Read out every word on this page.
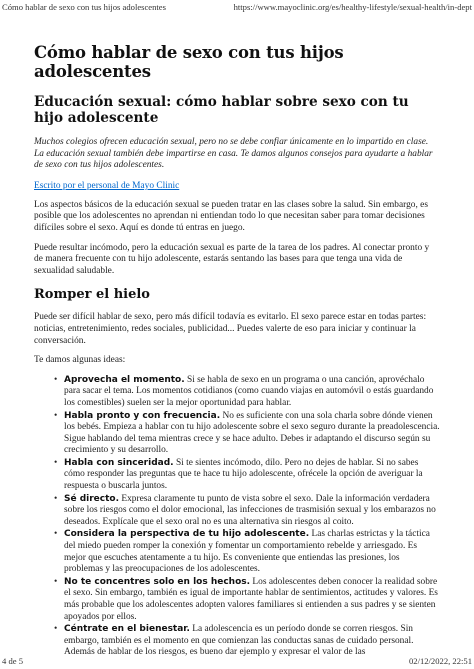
Cómo hablar de sexo con tus hijos adolescentes	https://www.mayoclinic.org/es/healthy-lifestyle/sexual-health/in-dept
Cómo hablar de sexo con tus hijos adolescentes
Educación sexual: cómo hablar sobre sexo con tu hijo adolescente

Muchos colegios ofrecen educación sexual, pero no se debe confiar únicamente en lo impartido en clase. La educación sexual también debe impartirse en casa. Te damos algunos consejos para ayudarte a hablar de sexo con tus hijos adolescentes.

Escrito por el personal de Mayo Clinic

Los aspectos básicos de la educación sexual se pueden tratar en las clases sobre la salud. Sin embargo, es posible que los adolescentes no aprendan ni entiendan todo lo que necesitan saber para tomar decisiones difíciles sobre el sexo. Aquí es donde tú entras en juego.

Puede resultar incómodo, pero la educación sexual es parte de la tarea de los padres. Al conectar pronto y de manera frecuente con tu hijo adolescente, estarás sentando las bases para que tenga una vida de sexualidad saludable.

Romper el hielo

Puede ser difícil hablar de sexo, pero más difícil todavía es evitarlo. El sexo parece estar en todas partes: noticias, entretenimiento, redes sociales, publicidad... Puedes valerte de eso para iniciar y continuar la conversación.

Te damos algunas ideas:

• Aprovecha el momento. Si se habla de sexo en un programa o una canción, aprovéchalo para sacar el tema. Los momentos cotidianos (como cuando viajas en automóvil o estás guardando los comestibles) suelen ser la mejor oportunidad para hablar.
• Habla pronto y con frecuencia. No es suficiente con una sola charla sobre dónde vienen los bebés. Empieza a hablar con tu hijo adolescente sobre el sexo seguro durante la preadolescencia. Sigue hablando del tema mientras crece y se hace adulto. Debes ir adaptando el discurso según su crecimiento y su desarrollo.
• Habla con sinceridad. Si te sientes incómodo, dilo. Pero no dejes de hablar. Si no sabes cómo responder las preguntas que te hace tu hijo adolescente, ofrécele la opción de averiguar la respuesta o buscarla juntos.
• Sé directo. Expresa claramente tu punto de vista sobre el sexo. Dale la información verdadera sobre los riesgos como el dolor emocional, las infecciones de trasmisión sexual y los embarazos no deseados. Explícale que el sexo oral no es una alternativa sin riesgos al coito.
• Considera la perspectiva de tu hijo adolescente. Las charlas estrictas y la táctica del miedo pueden romper la conexión y fomentar un comportamiento rebelde y arriesgado. Es mejor que escuches atentamente a tu hijo. Es conveniente que entiendas las presiones, los problemas y las preocupaciones de los adolescentes.
• No te concentres solo en los hechos. Los adolescentes deben conocer la realidad sobre el sexo. Sin embargo, también es igual de importante hablar de sentimientos, actitudes y valores. Es más probable que los adolescentes adopten valores familiares si entienden a sus padres y se sienten apoyados por ellos.
• Céntrate en el bienestar. La adolescencia es un período donde se corren riesgos. Sin embargo, también es el momento en que comienzan las conductas sanas de cuidado personal. Además de hablar de los riesgos, es bueno dar ejemplo y expresar el valor de las
4 de 5	02/12/2022, 22:51
